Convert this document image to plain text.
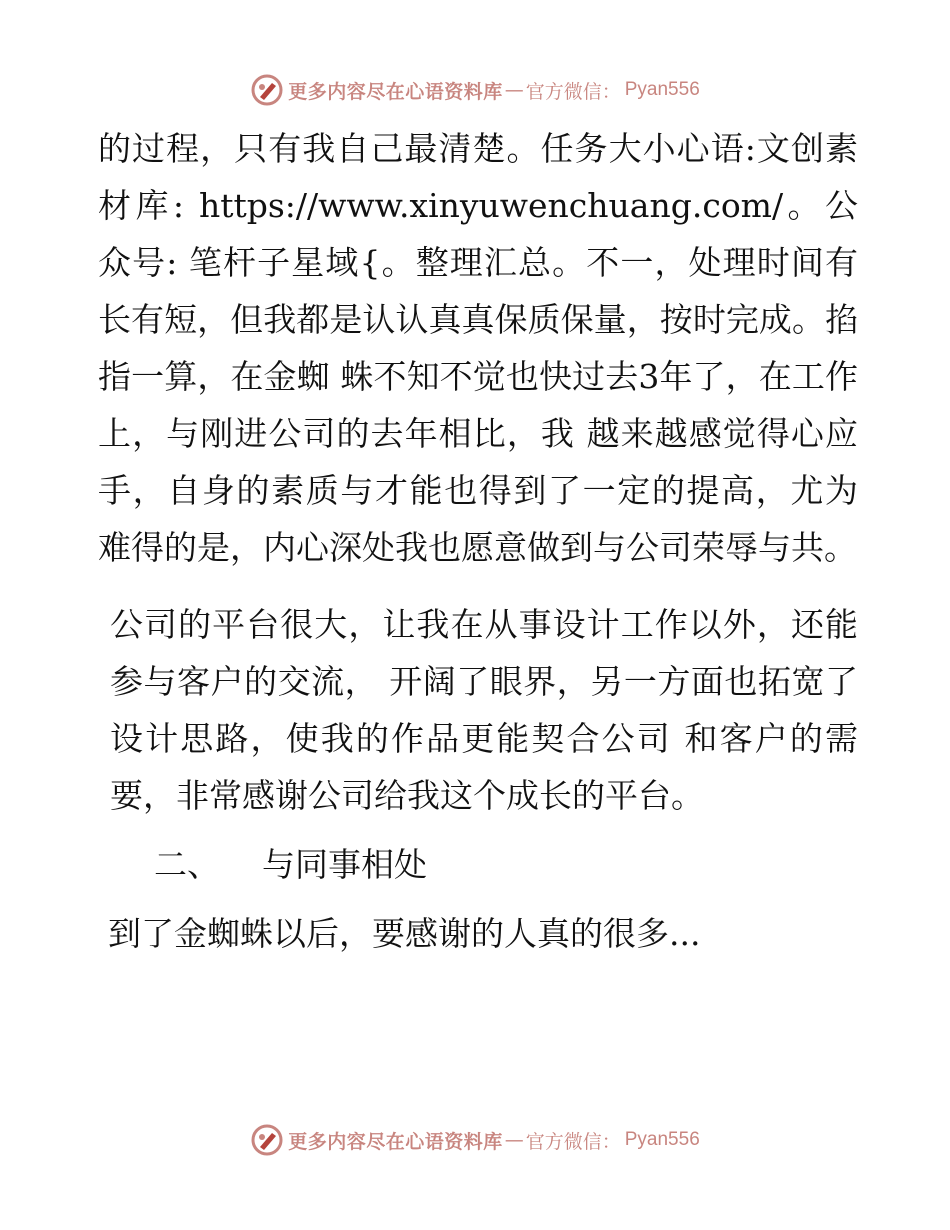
更多内容尽在心语资料库 — 官方微信： Pyan556

的过程，只有我自己最清楚。任务大小心语:文创素材库: https://www.xinyuwenchuang.com/。公众号: 笔杆子星域{。整理汇总。不一，处理时间有 长有短，但我都是认认真真保质保量，按时完成。掐指一算，在金蜘 蛛不知不觉也快过去3年了，在工作上，与刚进公司的去年相比，我 越来越感觉得心应手，自身的素质与才能也得到了一定的提高，尤为 难得的是，内心深处我也愿意做到与公司荣辱与共。

公司的平台很大，让我在从事设计工作以外，还能参与客户的交流， 开阔了眼界，另一方面也拓宽了设计思路，使我的作品更能契合公司 和客户的需要，非常感谢公司给我这个成长的平台。

二、 与同事相处

到了金蜘蛛以后，要感谢的人真的很多...

更多内容尽在心语资料库 — 官方微信： Pyan556
